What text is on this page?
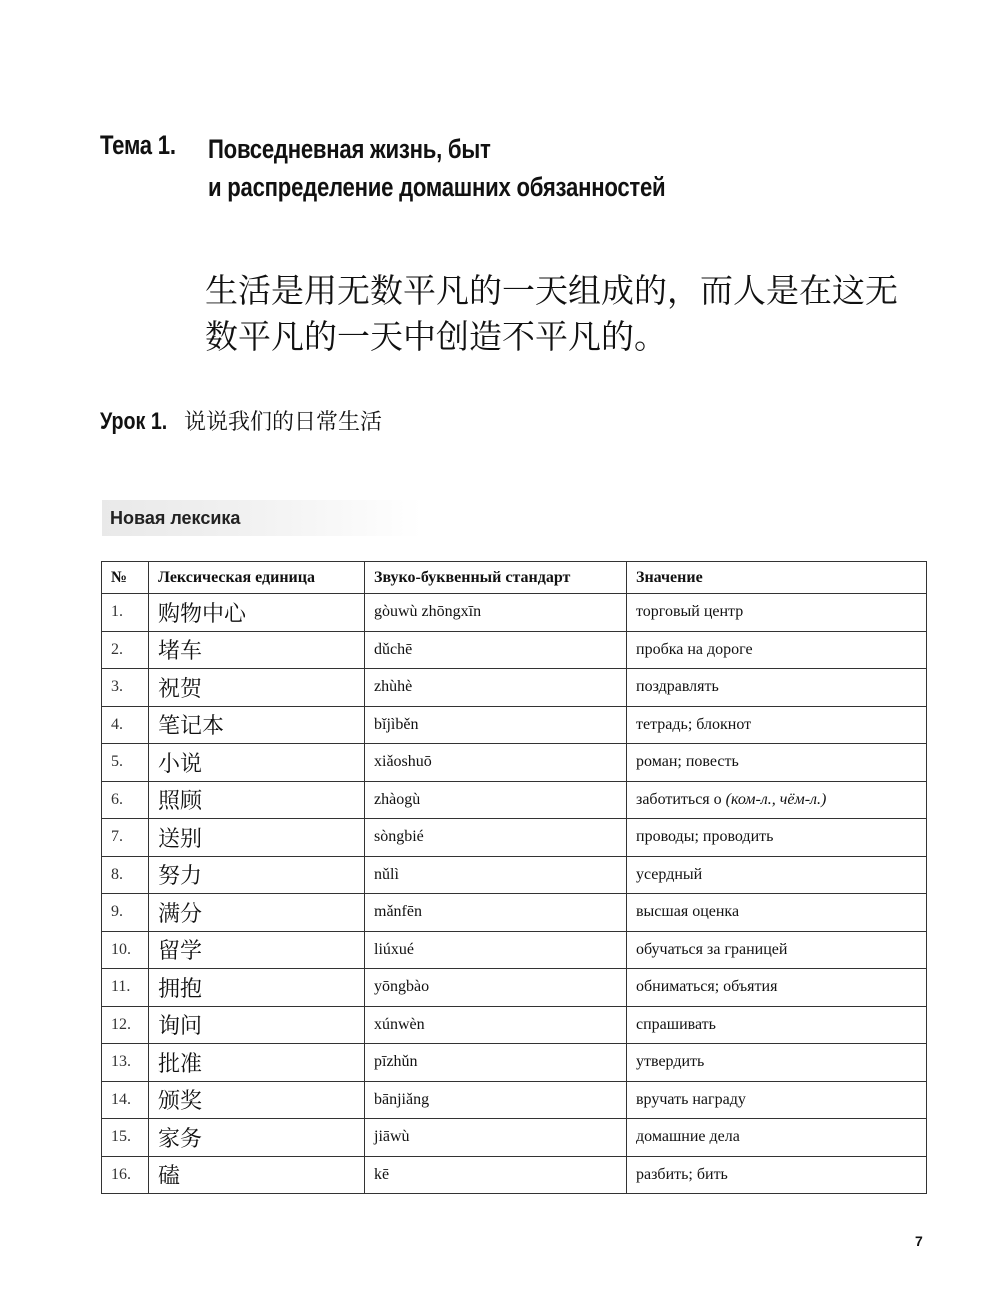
Тема 1. Повседневная жизнь, быт
и распределение домашних обязанностей
生活是用无数平凡的一天组成的，而人是在这无数平凡的一天中创造不平凡的。
Урок 1. 说说我们的日常生活
Новая лексика
№	Лексическая единица	Звуко-буквенный стандарт	Значение
1.	购物中心	gòuwù zhōngxīn	торговый центр
2.	堵车	dǔchē	пробка на дороге
3.	祝贺	zhùhè	поздравлять
4.	笔记本	bǐjìběn	тетрадь; блокнот
5.	小说	xiǎoshuō	роман; повесть
6.	照顾	zhàogù	заботиться о (ком-л., чём-л.)
7.	送别	sòngbié	проводы; проводить
8.	努力	nǔlì	усердный
9.	满分	mǎnfēn	высшая оценка
10.	留学	liúxué	обучаться за границей
11.	拥抱	yōngbào	обниматься; объятия
12.	询问	xúnwèn	спрашивать
13.	批准	pīzhǔn	утвердить
14.	颁奖	bānjiǎng	вручать награду
15.	家务	jiāwù	домашние дела
16.	磕	kē	разбить; бить
7
